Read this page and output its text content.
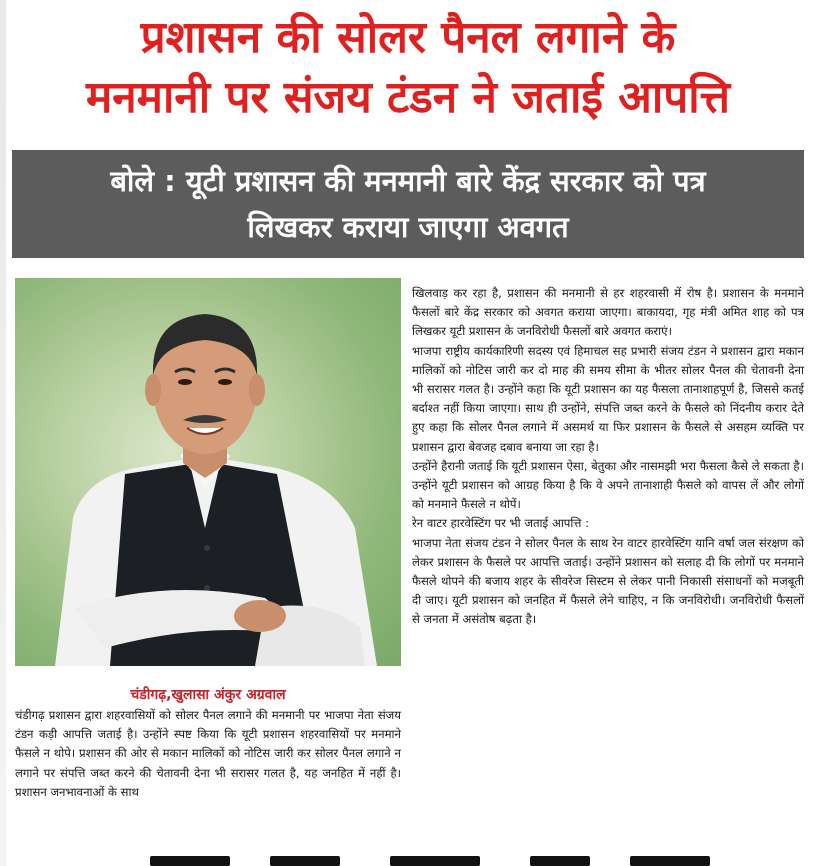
प्रशासन की सोलर पैनल लगाने के
मनमानी पर संजय टंडन ने जताई आपत्ति
बोले : यूटी प्रशासन की मनमानी बारे केंद्र सरकार को पत्र
लिखकर कराया जाएगा अवगत
चंडीगढ़,खुलासा अंकुर अग्रवाल

चंडीगढ़ प्रशासन द्वारा शहरवासियों को सोलर पैनल लगाने की मनमानी पर भाजपा नेता संजय टंडन कड़ी आपत्ति जताई है। उन्होंने स्पष्ट किया कि यूटी प्रशासन शहरवासियों पर मनमाने फैसले न थोपे। प्रशासन की ओर से मकान मालिकों को नोटिस जारी कर सोलर पैनल लगाने न लगाने पर संपत्ति जब्त करने की चेतावनी देना भी सरासर गलत है, यह जनहित में नहीं है। प्रशासन जनभावनाओं के साथ

खिलवाड़ कर रहा है, प्रशासन की मनमानी से हर शहरवासी में रोष है। प्रशासन के मनमाने फैसलों बारे केंद्र सरकार को अवगत कराया जाएगा। बाकायदा, गृह मंत्री अमित शाह को पत्र लिखकर यूटी प्रशासन के जनविरोधी फैसलों बारे अवगत कराएं।

भाजपा राष्ट्रीय कार्यकारिणी सदस्य एवं हिमाचल सह प्रभारी संजय टंडन ने प्रशासन द्वारा मकान मालिकों को नोटिस जारी कर दो माह की समय सीमा के भीतर सोलर पैनल की चेतावनी देना भी सरासर गलत है। उन्होंने कहा कि यूटी प्रशासन का यह फैसला तानाशाहपूर्ण है, जिससे कतई बर्दाश्त नहीं किया जाएगा। साथ ही उन्होंने, संपत्ति जब्त करने के फैसले को निंदनीय करार देते हुए कहा कि सोलर पैनल लगाने में असमर्थ या फिर प्रशासन के फैसले से असहम व्यक्ति पर प्रशासन द्वारा बेवजह दबाव बनाया जा रहा है।

उन्होंने हैरानी जताई कि यूटी प्रशासन ऐसा, बेतुका और नासमझी भरा फैसला कैसे ले सकता है। उन्होंने यूटी प्रशासन को आग्रह किया है कि वे अपने तानाशाही फैसले को वापस लें और लोगों को मनमाने फैसले न थोपें।

रेन वाटर हारवेस्टिंग पर भी जताई आपत्ति :

भाजपा नेता संजय टंडन ने सोलर पैनल के साथ रेन वाटर हारवेस्टिंग यानि वर्षा जल संरक्षण को लेकर प्रशासन के फैसले पर आपत्ति जताई। उन्होंने प्रशासन को सलाह दी कि लोगों पर मनमाने फैसले थोपने की बजाय शहर के सीवरेज सिस्टम से लेकर पानी निकासी संसाधनों को मजबूती दी जाए। यूटी प्रशासन को जनहित में फैसले लेने चाहिए, न कि जनविरोधी। जनविरोधी फैसलों से जनता में असंतोष बढ़ता है।
